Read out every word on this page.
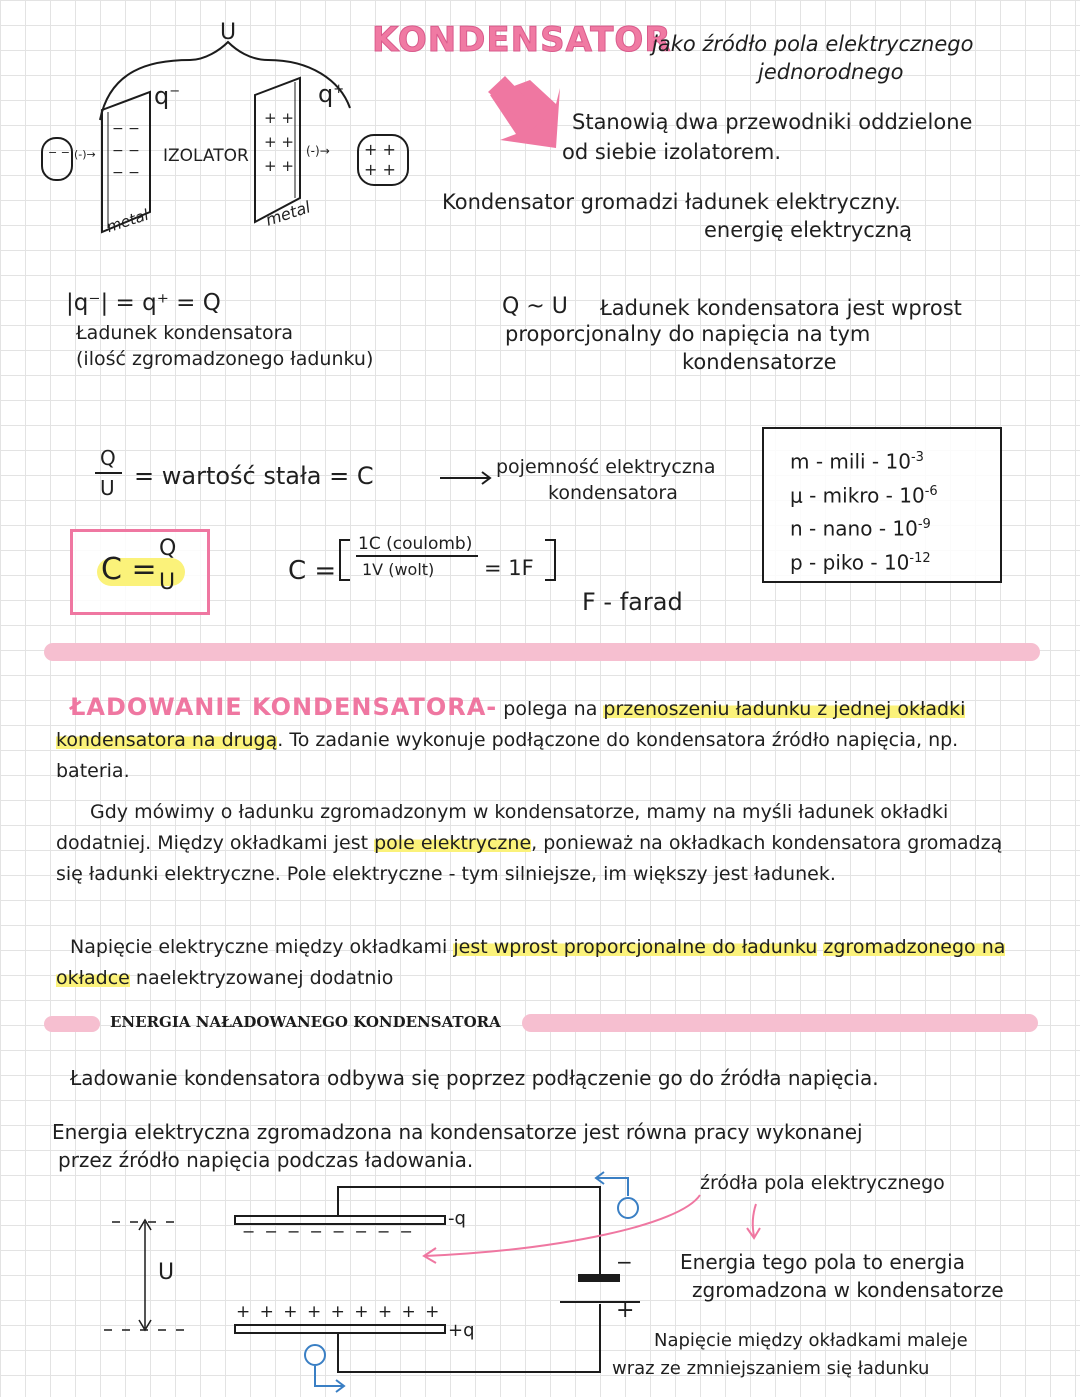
KONDENSATOR
jako źródło pola elektrycznego
jednorodnego
U
q−	q+
IZOLATOR
metal	metal
(-)→	(-)→
− −
− −
− −
+ +
+ +
+ +
− −	+ +
+ +
Stanowią dwa przewodniki oddzielone
od siebie izolatorem.
Kondensator gromadzi ładunek elektryczny.
energię elektryczną
|q⁻| = q⁺ = Q
Ładunek kondensatora
(ilość zgromadzonego ładunku)
Q ~ U Ładunek kondensatora jest wprost
proporcjonalny do napięcia na tym
kondensatorze
Q
U = wartość stała = C	pojemność elektryczna
kondensatora
C =
Q
U	C =
1C (coulomb)
1V (wolt) = 1F
F - farad
m - mili - $10^{-3}$
μ - mikro - $10^{-6}$
n - nano - $10^{-9}$
p - piko - $10^{-12}$
ŁADOWANIE KONDENSATORA- polega na przenoszeniu ładunku z jednej okładki kondensatora na drugą. To zadanie wykonuje podłączone do kondensatora źródło napięcia, np. bateria.
Gdy mówimy o ładunku zgromadzonym w kondensatorze, mamy na myśli ładunek okładki dodatniej. Między okładkami jest pole elektryczne, ponieważ na okładkach kondensatora gromadzą się ładunki elektryczne. Pole elektryczne - tym silniejsze, im większy jest ładunek.
Napięcie elektryczne między okładkami jest wprost proporcjonalne do ładunku zgromadzonego na okładce naelektryzowanej dodatnio
ENERGIA NAŁADOWANEGO KONDENSATORA
Ładowanie kondensatora odbywa się poprzez podłączenie go do źródła napięcia.
Energia elektryczna zgromadzona na kondensatorze jest równa pracy wykonanej
przez źródło napięcia podczas ładowania.
U
− − − − − − − −
+ + + + + + + + +
-q
+q
−
+
źródła pola elektrycznego
Energia tego pola to energia
zgromadzona w kondensatorze
Napięcie między okładkami maleje
wraz ze zmniejszaniem się ładunku
